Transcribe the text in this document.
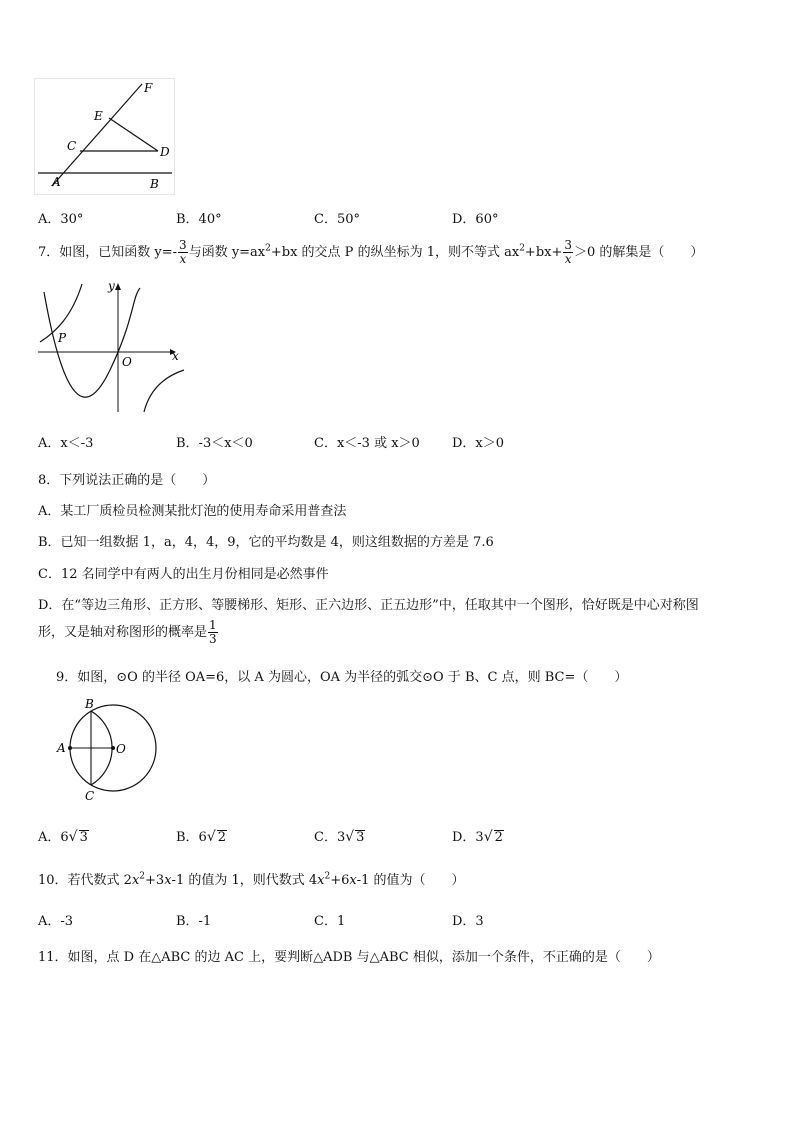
F
E
C	D
A	B
A．30°	B．40°	C．50°	D．60°
7．如图，已知函数 $y=- \frac{3}{x}$ 与函数 $y=ax^2+bx$ 的交点 P 的纵坐标为 1，则不等式 $ax^2+bx+ \frac{3}{x} >0$ 的解集是（　　）
y
x
P
O
A．x＜-3	B．-3＜x＜0	C．x＜-3 或 x＞0 D．x＞0
8．下列说法正确的是（　　）
A．某工厂质检员检测某批灯泡的使用寿命采用普查法
B．已知一组数据 1，a，4，4，9，它的平均数是 4，则这组数据的方差是 7.6
C．12 名同学中有两人的出生月份相同是必然事件
D．在“等边三角形、正方形、等腰梯形、矩形、正六边形、正五边形”中，任取其中一个图形，恰好既是中心对称图
形，又是轴对称图形的概率是 $\frac{1}{3}$
9．如图，⊙O 的半径 OA=6，以 A 为圆心，OA 为半径的弧交⊙O 于 B、C 点，则 BC=（　　）
B
A	O
C
A．6√ 3	B．6√ 2	C．3√ 3	D．3√ 2
10．若代数式 $2x^2+3x-1$ 的值为 1，则代数式 $4x^2+6x-1$ 的值为（　　）
A．-3	B．-1	C．1	D．3
11．如图，点 D 在△ABC 的边 AC 上，要判断△ADB 与△ABC 相似，添加一个条件，不正确的是（　　）
